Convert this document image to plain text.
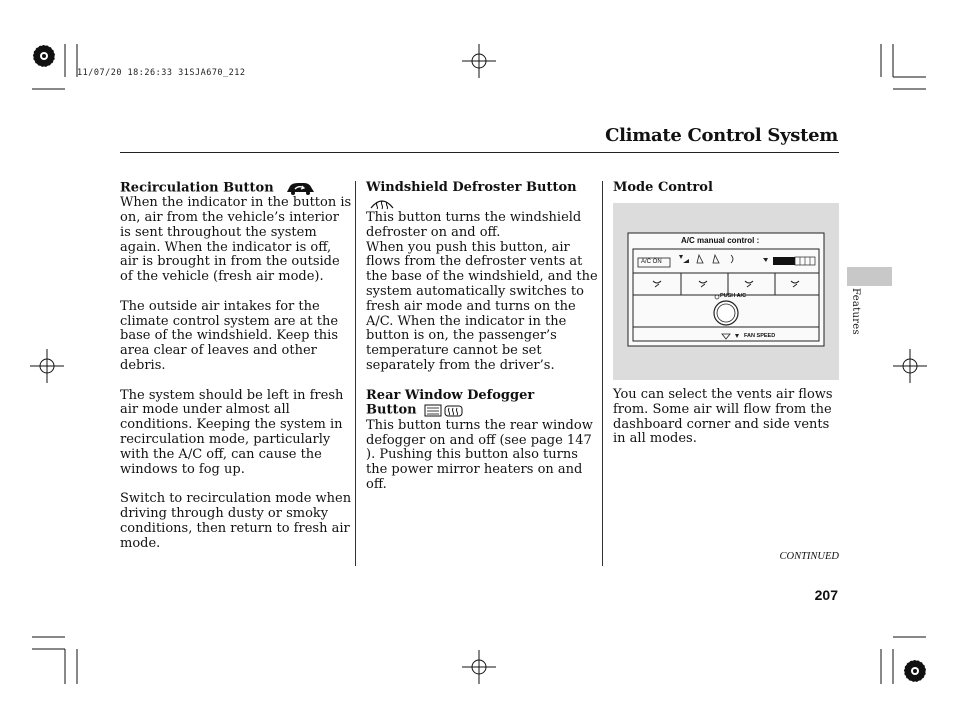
11/07/20 18:26:33 31SJA670_212
Climate Control System

Recirculation Button

When the indicator in the button is on, air from the vehicle’s interior is sent throughout the system again. When the indicator is off, air is brought in from the outside of the vehicle (fresh air mode).

The outside air intakes for the climate control system are at the base of the windshield. Keep this area clear of leaves and other debris.

The system should be left in fresh air mode under almost all conditions. Keeping the system in recirculation mode, particularly with the A/C off, can cause the windows to fog up.

Switch to recirculation mode when driving through dusty or smoky conditions, then return to fresh air mode.

Windshield Defroster Button

This button turns the windshield defroster on and off.

When you push this button, air flows from the defroster vents at the base of the windshield, and the system automatically switches to fresh air mode and turns on the A/C. When the indicator in the button is on, the passenger’s temperature cannot be set separately from the driver’s.

Rear Window Defogger

Button

This button turns the rear window defogger on and off (see page 147 ). Pushing this button also turns the power mirror heaters on and off.

Mode Control

A/C manual control :
A/C ON
PUSH A/C
FAN SPEED

You can select the vents air flows from. Some air will flow from the dashboard corner and side vents in all modes.

Features
CONTINUED
207
